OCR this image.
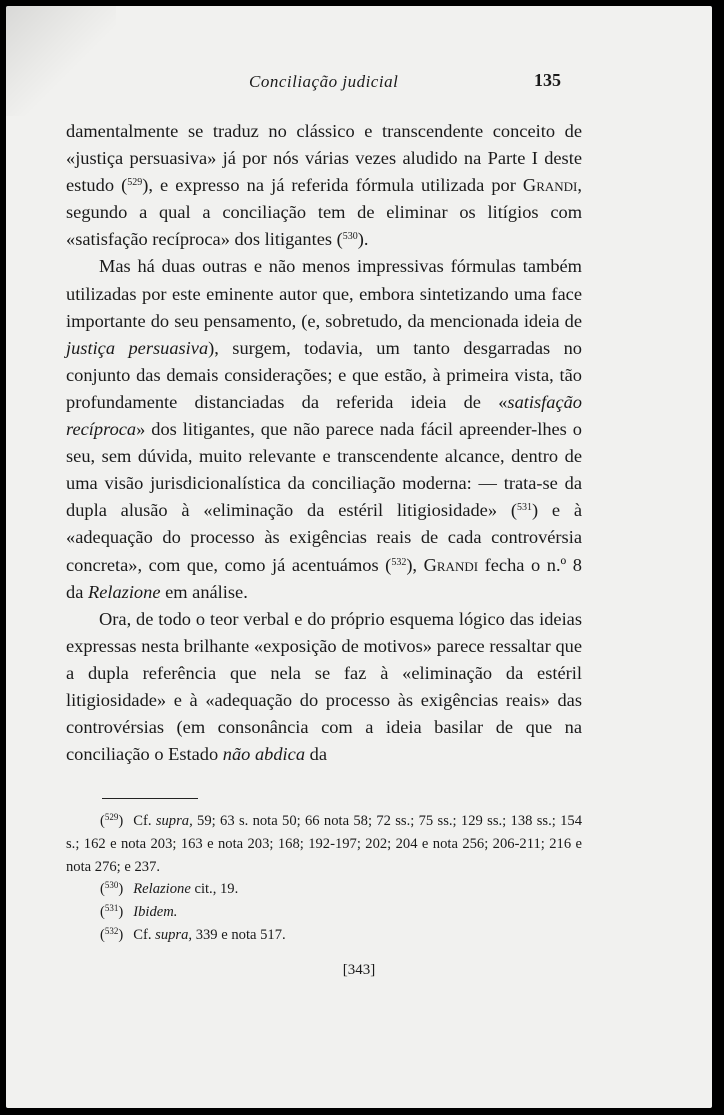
Conciliação judicial	135

damentalmente se traduz no clássico e transcendente conceito de «justiça persuasiva» já por nós várias vezes aludido na Parte I deste estudo ($^{529}$), e expresso na já referida fórmula utilizada por Grandi, segundo a qual a conciliação tem de eliminar os litígios com «satisfação recíproca» dos litigantes ($^{530}$).

Mas há duas outras e não menos impressivas fórmulas também utilizadas por este eminente autor que, embora sintetizando uma face importante do seu pensamento, (e, sobretudo, da mencionada ideia de justiça persuasiva), surgem, todavia, um tanto desgarradas no conjunto das demais considerações; e que estão, à primeira vista, tão profundamente distanciadas da referida ideia de «satisfação recíproca» dos litigantes, que não parece nada fácil apreender-lhes o seu, sem dúvida, muito relevante e transcendente alcance, dentro de uma visão jurisdicionalística da conciliação moderna: — trata-se da dupla alusão à «eliminação da estéril litigiosidade» ($^{531}$) e à «adequação do processo às exigências reais de cada controvérsia concreta», com que, como já acentuámos ($^{532}$), Grandi fecha o n.º 8 da Relazione em análise.

Ora, de todo o teor verbal e do próprio esquema lógico das ideias expressas nesta brilhante «exposição de motivos» parece ressaltar que a dupla referência que nela se faz à «eliminação da estéril litigiosidade» e à «adequação do processo às exigências reais» das controvérsias (em consonância com a ideia basilar de que na conciliação o Estado não abdica da

($^{529}$) Cf. supra, 59; 63 s. nota 50; 66 nota 58; 72 ss.; 75 ss.; 129 ss.; 138 ss.; 154 s.; 162 e nota 203; 163 e nota 203; 168; 192-197; 202; 204 e nota 256; 206-211; 216 e nota 276; e 237.

($^{530}$) Relazione cit., 19.

($^{531}$) Ibidem.

($^{532}$) Cf. supra, 339 e nota 517.

[343]
